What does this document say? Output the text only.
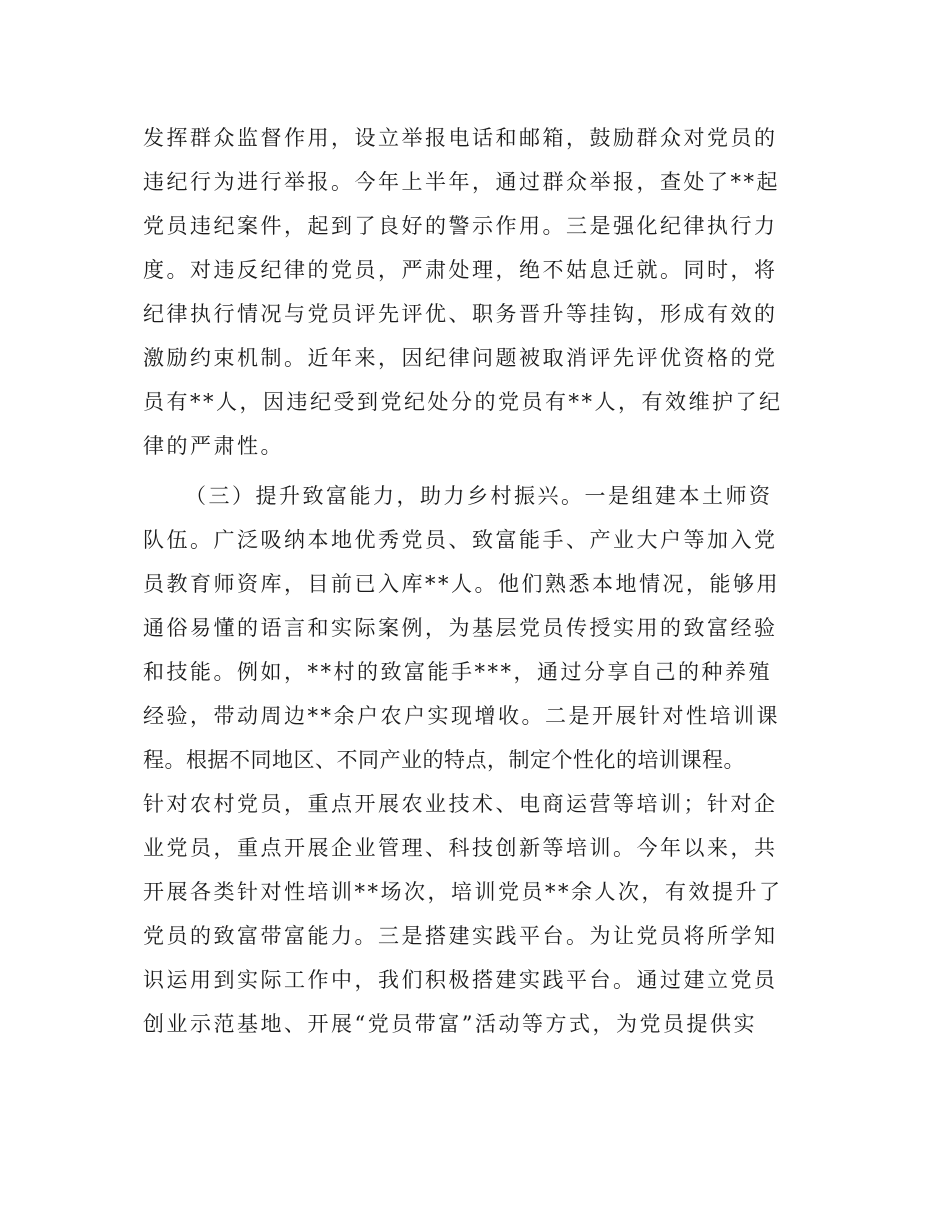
发挥群众监督作用，设立举报电话和邮箱，鼓励群众对党员的
违纪行为进行举报。今年上半年，通过群众举报，查处了**起
党员违纪案件，起到了良好的警示作用。三是强化纪律执行力
度。对违反纪律的党员，严肃处理，绝不姑息迁就。同时，将
纪律执行情况与党员评先评优、职务晋升等挂钩，形成有效的
激励约束机制。近年来，因纪律问题被取消评先评优资格的党
员有**人，因违纪受到党纪处分的党员有**人，有效维护了纪
律的严肃性。
（三）提升致富能力，助力乡村振兴。一是组建本土师资
队伍。广泛吸纳本地优秀党员、致富能手、产业大户等加入党
员教育师资库，目前已入库**人。他们熟悉本地情况，能够用
通俗易懂的语言和实际案例，为基层党员传授实用的致富经验
和技能。例如，**村的致富能手***，通过分享自己的种养殖
经验，带动周边**余户农户实现增收。二是开展针对性培训课
程。根据不同地区、不同产业的特点，制定个性化的培训课程。
针对农村党员，重点开展农业技术、电商运营等培训；针对企
业党员，重点开展企业管理、科技创新等培训。今年以来，共
开展各类针对性培训**场次，培训党员**余人次，有效提升了
党员的致富带富能力。三是搭建实践平台。为让党员将所学知
识运用到实际工作中，我们积极搭建实践平台。通过建立党员
创业示范基地、开展“党员带富”活动等方式，为党员提供实
